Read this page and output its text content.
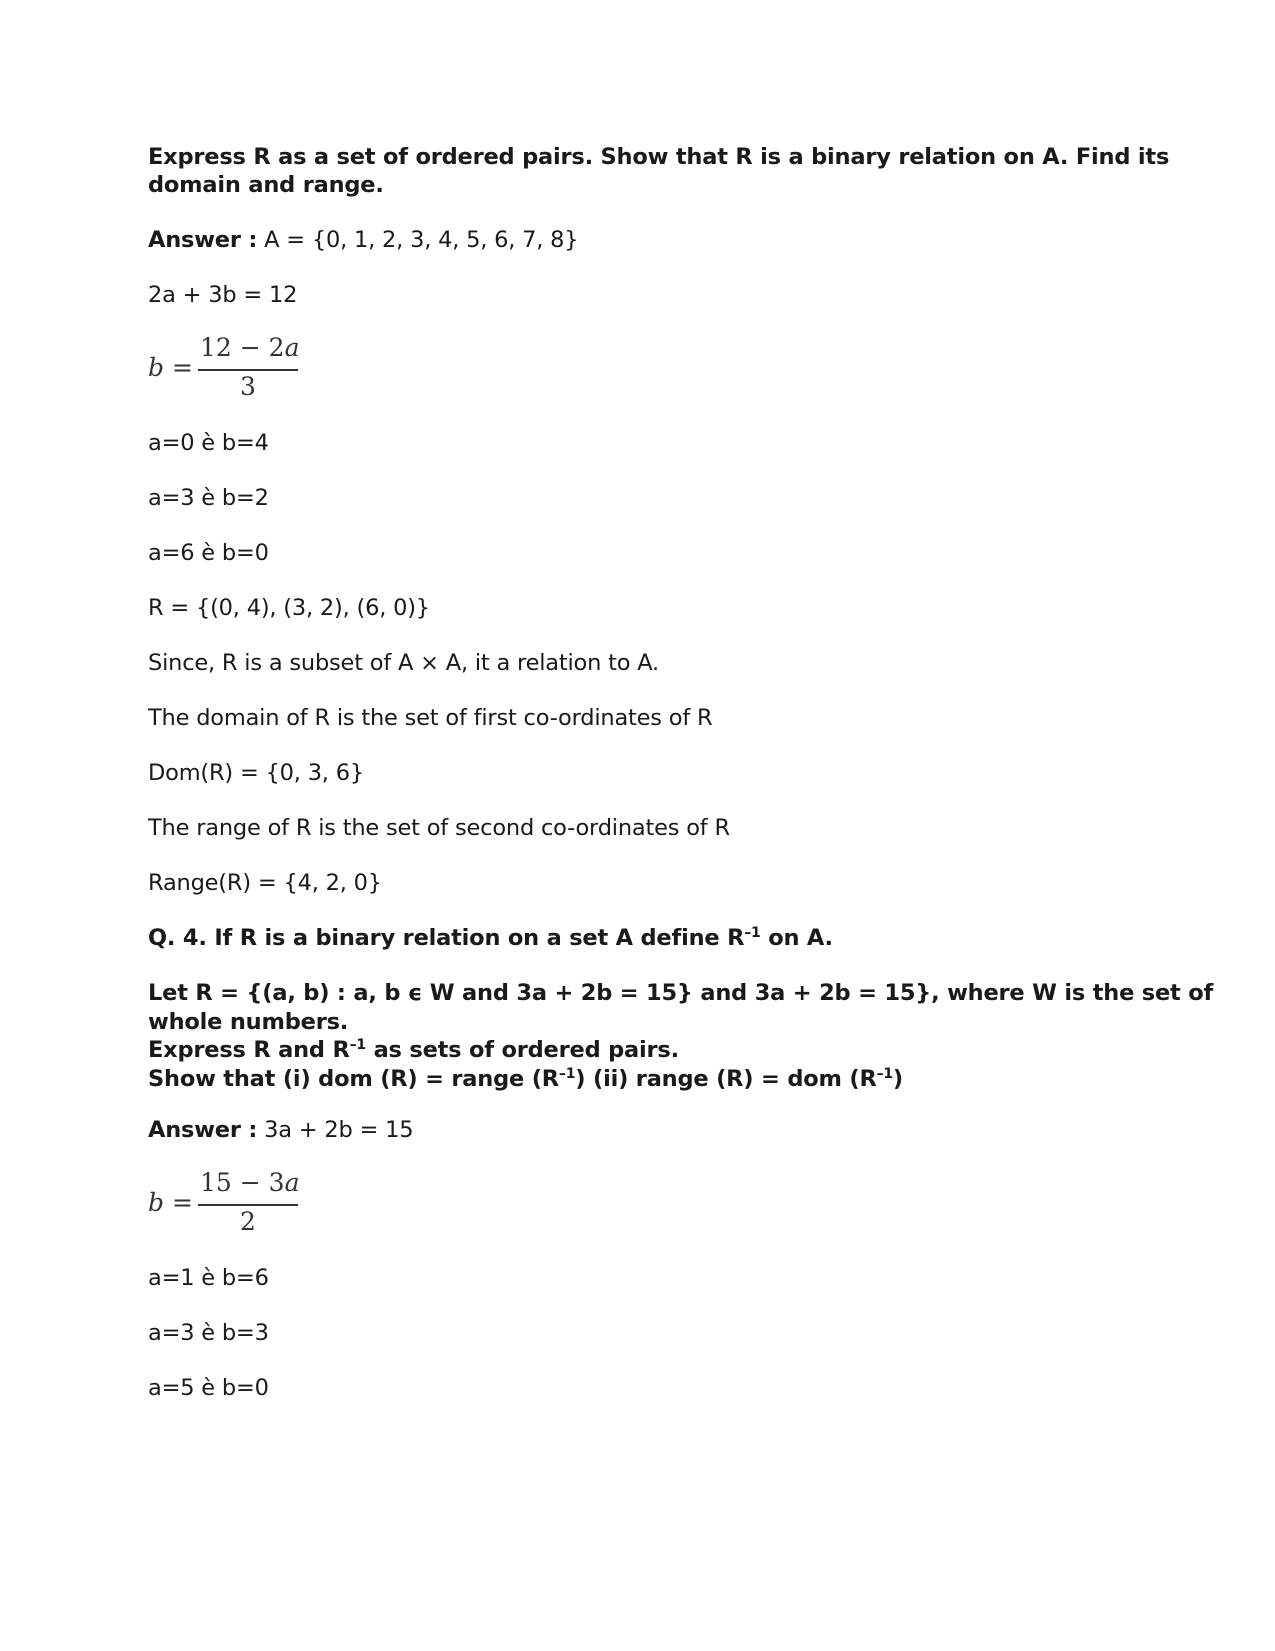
Express R as a set of ordered pairs. Show that R is a binary relation on A. Find its
domain and range.
Answer : A = {0, 1, 2, 3, 4, 5, 6, 7, 8}
2a + 3b = 12
b =
12 − 2a
3
a=0 è b=4
a=3 è b=2
a=6 è b=0
R = {(0, 4), (3, 2), (6, 0)}
Since, R is a subset of A × A, it a relation to A.
The domain of R is the set of first co-ordinates of R
Dom(R) = {0, 3, 6}
The range of R is the set of second co-ordinates of R
Range(R) = {4, 2, 0}
Q. 4. If R is a binary relation on a set A define $R^{-1}$ on A.
Let R = {(a, b) : a, b ϵ W and 3a + 2b = 15} and 3a + 2b = 15}, where W is the set of
whole numbers.
Express R and $R^{-1}$ as sets of ordered pairs.
Show that (i) dom (R) = range $(R^{-1})$ (ii) range (R) = dom $(R^{-1})$
Answer : 3a + 2b = 15
b =
15 − 3a
2
a=1 è b=6
a=3 è b=3
a=5 è b=0
